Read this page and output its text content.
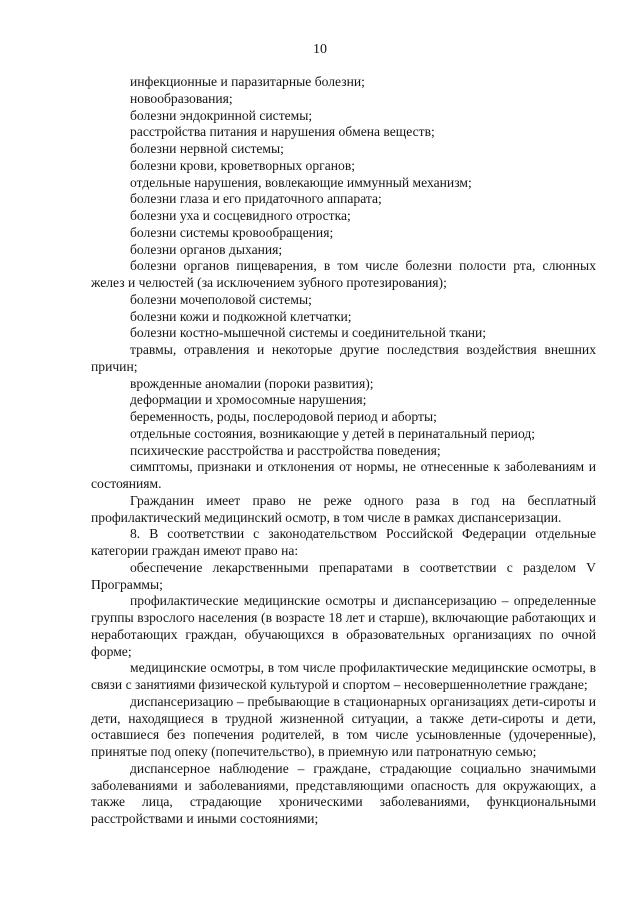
10

инфекционные и паразитарные болезни;

новообразования;

болезни эндокринной системы;

расстройства питания и нарушения обмена веществ;

болезни нервной системы;

болезни крови, кроветворных органов;

отдельные нарушения, вовлекающие иммунный механизм;

болезни глаза и его придаточного аппарата;

болезни уха и сосцевидного отростка;

болезни системы кровообращения;

болезни органов дыхания;

болезни органов пищеварения, в том числе болезни полости рта, слюнных желез и челюстей (за исключением зубного протезирования);

болезни мочеполовой системы;

болезни кожи и подкожной клетчатки;

болезни костно-мышечной системы и соединительной ткани;

травмы, отравления и некоторые другие последствия воздействия внешних причин;

врожденные аномалии (пороки развития);

деформации и хромосомные нарушения;

беременность, роды, послеродовой период и аборты;

отдельные состояния, возникающие у детей в перинатальный период;

психические расстройства и расстройства поведения;

симптомы, признаки и отклонения от нормы, не отнесенные к заболеваниям и состояниям.

Гражданин имеет право не реже одного раза в год на бесплатный профилактический медицинский осмотр, в том числе в рамках диспансеризации.

8. В соответствии с законодательством Российской Федерации отдельные категории граждан имеют право на:

обеспечение лекарственными препаратами в соответствии с разделом V Программы;

профилактические медицинские осмотры и диспансеризацию – определенные группы взрослого населения (в возрасте 18 лет и старше), включающие работающих и неработающих граждан, обучающихся в образовательных организациях по очной форме;

медицинские осмотры, в том числе профилактические медицинские осмотры, в связи с занятиями физической культурой и спортом – несовершеннолетние граждане;

диспансеризацию – пребывающие в стационарных организациях дети-сироты и дети, находящиеся в трудной жизненной ситуации, а также дети-сироты и дети, оставшиеся без попечения родителей, в том числе усыновленные (удочеренные), принятые под опеку (попечительство), в приемную или патронатную семью;

диспансерное наблюдение – граждане, страдающие социально значимыми заболеваниями и заболеваниями, представляющими опасность для окружающих, а также лица, страдающие хроническими заболеваниями, функциональными расстройствами и иными состояниями;
